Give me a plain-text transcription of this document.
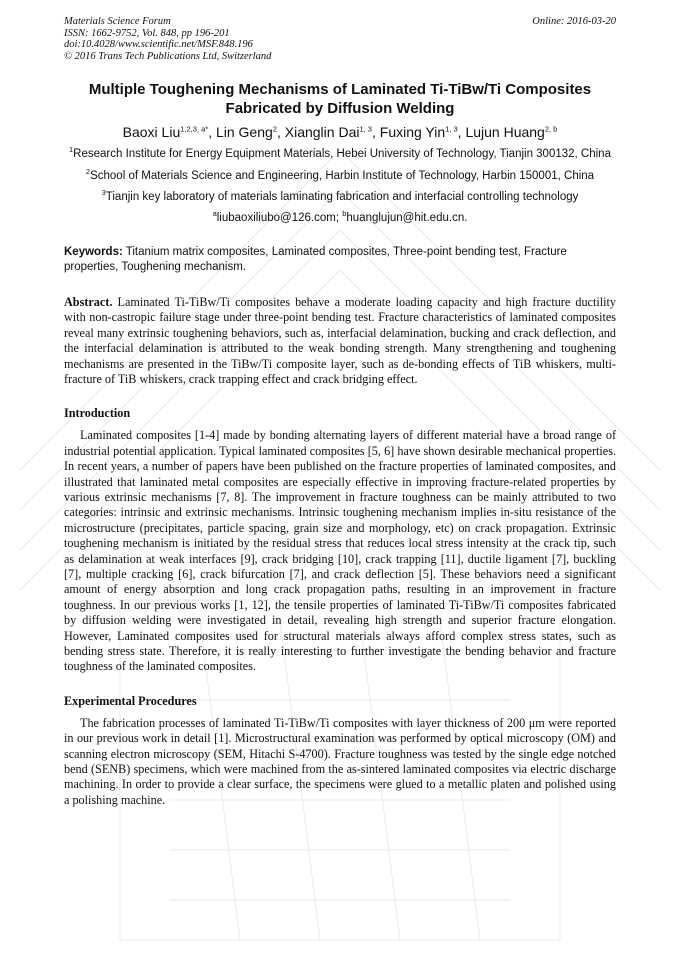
Materials Science Forum
ISSN: 1662-9752, Vol. 848, pp 196-201
doi:10.4028/www.scientific.net/MSF.848.196
© 2016 Trans Tech Publications Ltd, Switzerland
Online: 2016-03-20
Multiple Toughening Mechanisms of Laminated Ti-TiBw/Ti Composites Fabricated by Diffusion Welding
Baoxi Liu$^{1,2,3, a*}$, Lin Geng$^2$, Xianglin Dai$^{1, 3}$, Fuxing Yin$^{1, 3}$, Lujun Huang$^{2, b}$
$^1$Research Institute for Energy Equipment Materials, Hebei University of Technology, Tianjin 300132, China
$^2$School of Materials Science and Engineering, Harbin Institute of Technology, Harbin 150001, China
$^3$Tianjin key laboratory of materials laminating fabrication and interfacial controlling technology
$^a$liubaoxiliubo@126.com; $^b$huanglujun@hit.edu.cn.
Keywords: Titanium matrix composites, Laminated composites, Three-point bending test, Fracture properties, Toughening mechanism.
Abstract. Laminated Ti-TiBw/Ti composites behave a moderate loading capacity and high fracture ductility with non-castropic failure stage under three-point bending test. Fracture characteristics of laminated composites reveal many extrinsic toughening behaviors, such as, interfacial delamination, bucking and crack deflection, and the interfacial delamination is attributed to the weak bonding strength. Many strengthening and toughening mechanisms are presented in the TiBw/Ti composite layer, such as de-bonding effects of TiB whiskers, multi-fracture of TiB whiskers, crack trapping effect and crack bridging effect.
Introduction
Laminated composites [1-4] made by bonding alternating layers of different material have a broad range of industrial potential application. Typical laminated composites [5, 6] have shown desirable mechanical properties. In recent years, a number of papers have been published on the fracture properties of laminated composites, and illustrated that laminated metal composites are especially effective in improving fracture-related properties by various extrinsic mechanisms [7, 8]. The improvement in fracture toughness can be mainly attributed to two categories: intrinsic and extrinsic mechanisms. Intrinsic toughening mechanism implies in-situ resistance of the microstructure (precipitates, particle spacing, grain size and morphology, etc) on crack propagation. Extrinsic toughening mechanism is initiated by the residual stress that reduces local stress intensity at the crack tip, such as delamination at weak interfaces [9], crack bridging [10], crack trapping [11], ductile ligament [7], buckling [7], multiple cracking [6], crack bifurcation [7], and crack deflection [5]. These behaviors need a significant amount of energy absorption and long crack propagation paths, resulting in an improvement in fracture toughness. In our previous works [1, 12], the tensile properties of laminated Ti-TiBw/Ti composites fabricated by diffusion welding were investigated in detail, revealing high strength and superior fracture elongation. However, Laminated composites used for structural materials always afford complex stress states, such as bending stress state. Therefore, it is really interesting to further investigate the bending behavior and fracture toughness of the laminated composites.
Experimental Procedures
The fabrication processes of laminated Ti-TiBw/Ti composites with layer thickness of 200 μm were reported in our previous work in detail [1]. Microstructural examination was performed by optical microscopy (OM) and scanning electron microscopy (SEM, Hitachi S-4700). Fracture toughness was tested by the single edge notched bend (SENB) specimens, which were machined from the as-sintered laminated composites via electric discharge machining. In order to provide a clear surface, the specimens were glued to a metallic platen and polished using a polishing machine.
